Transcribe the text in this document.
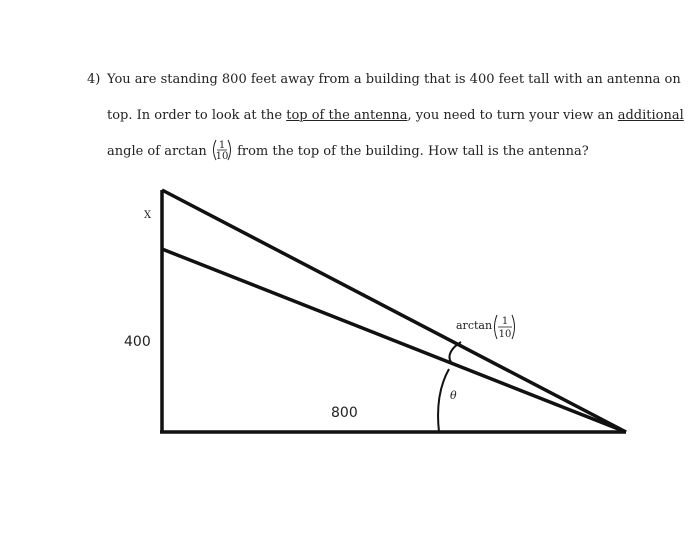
4) You are standing 800 feet away from a building that is 400 feet tall with an antenna on
top. In order to look at the top of the antenna, you need to turn your view an additional
angle of arctan 1
10 from the top of the building. How tall is the antenna?
X
400
800
θ
arctan 1
10
